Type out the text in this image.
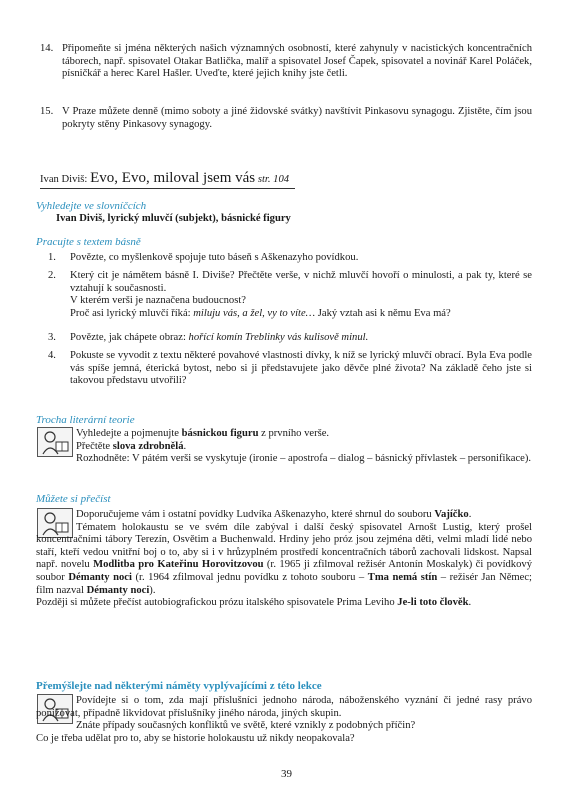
14. Připomeňte si jména některých našich významných osobností, které zahynuly v nacistických koncentračních táborech, např. spisovatel Otakar Batlička, malíř a spisovatel Josef Čapek, spisovatel a novinář Karel Poláček, písničkář a herec Karel Hašler. Uveďte, které jejich knihy jste četli.
15. V Praze můžete denně (mimo soboty a jiné židovské svátky) navštívit Pinkasovu synagogu. Zjistěte, čím jsou pokryty stěny Pinkasovy synagogy.
Ivan Diviš: Evo, Evo, miloval jsem vás str. 104
Vyhledejte ve slovníčcích
Ivan Diviš, lyrický mluvčí (subjekt), básnické figury
Pracujte s textem básně
1. Povězte, co myšlenkově spojuje tuto báseň s Aškenazyho povídkou.
2. Který cit je námětem básně I. Diviše? Přečtěte verše, v nichž mluvčí hovoří o minulosti, a pak ty, které se vztahují k současnosti.
V kterém verši je naznačena budoucnost?
Proč asi lyrický mluvčí říká: miluju vás, a žel, vy to víte… Jaký vztah asi k němu Eva má?
3. Povězte, jak chápete obraz: hořící komín Treblinky vás kulisově minul.
4. Pokuste se vyvodit z textu některé povahové vlastnosti dívky, k níž se lyrický mluvčí obrací. Byla Eva podle vás spíše jemná, éterická bytost, nebo si ji představujete jako děvče plné života? Na základě čeho jste si takovou představu utvořili?
Trocha literární teorie
Vyhledejte a pojmenujte básnickou figuru z prvního verše.
Přečtěte slova zdrobnělá.
Rozhodněte: V pátém verši se vyskytuje (ironie – apostrofa – dialog – básnický přívlastek – personifikace).
Můžete si přečíst
Doporučujeme vám i ostatní povídky Ludvíka Aškenazyho, které shrnul do souboru Vajíčko.
Tématem holokaustu se ve svém díle zabýval i další český spisovatel Arnošt Lustig, který prošel koncentračními tábory Terezín, Osvětim a Buchenwald. Hrdiny jeho próz jsou zejména děti, velmi mladí lidé nebo staří, kteří vedou vnitřní boj o to, aby si i v hrůzyplném prostředí koncentračních táborů zachovali lidskost. Napsal např. novelu Modlitba pro Kateřinu Horovitzovou (r. 1965 ji zfilmoval režisér Antonín Moskalyk) či povídkový soubor Démanty noci (r. 1964 zfilmoval jednu povídku z tohoto souboru – Tma nemá stín – režisér Jan Němec; film nazval Démanty noci).
Později si můžete přečíst autobiografickou prózu italského spisovatele Prima Leviho Je-li toto člověk.
Přemýšlejte nad některými náměty vyplývajícími z této lekce
Povídejte si o tom, zda mají příslušníci jednoho národa, náboženského vyznání či jedné rasy právo ponižovat, případně likvidovat příslušníky jiného národa, jiných skupin.
Znáte případy současných konfliktů ve světě, které vznikly z podobných příčin?
Co je třeba udělat pro to, aby se historie holokaustu už nikdy neopakovala?
39
